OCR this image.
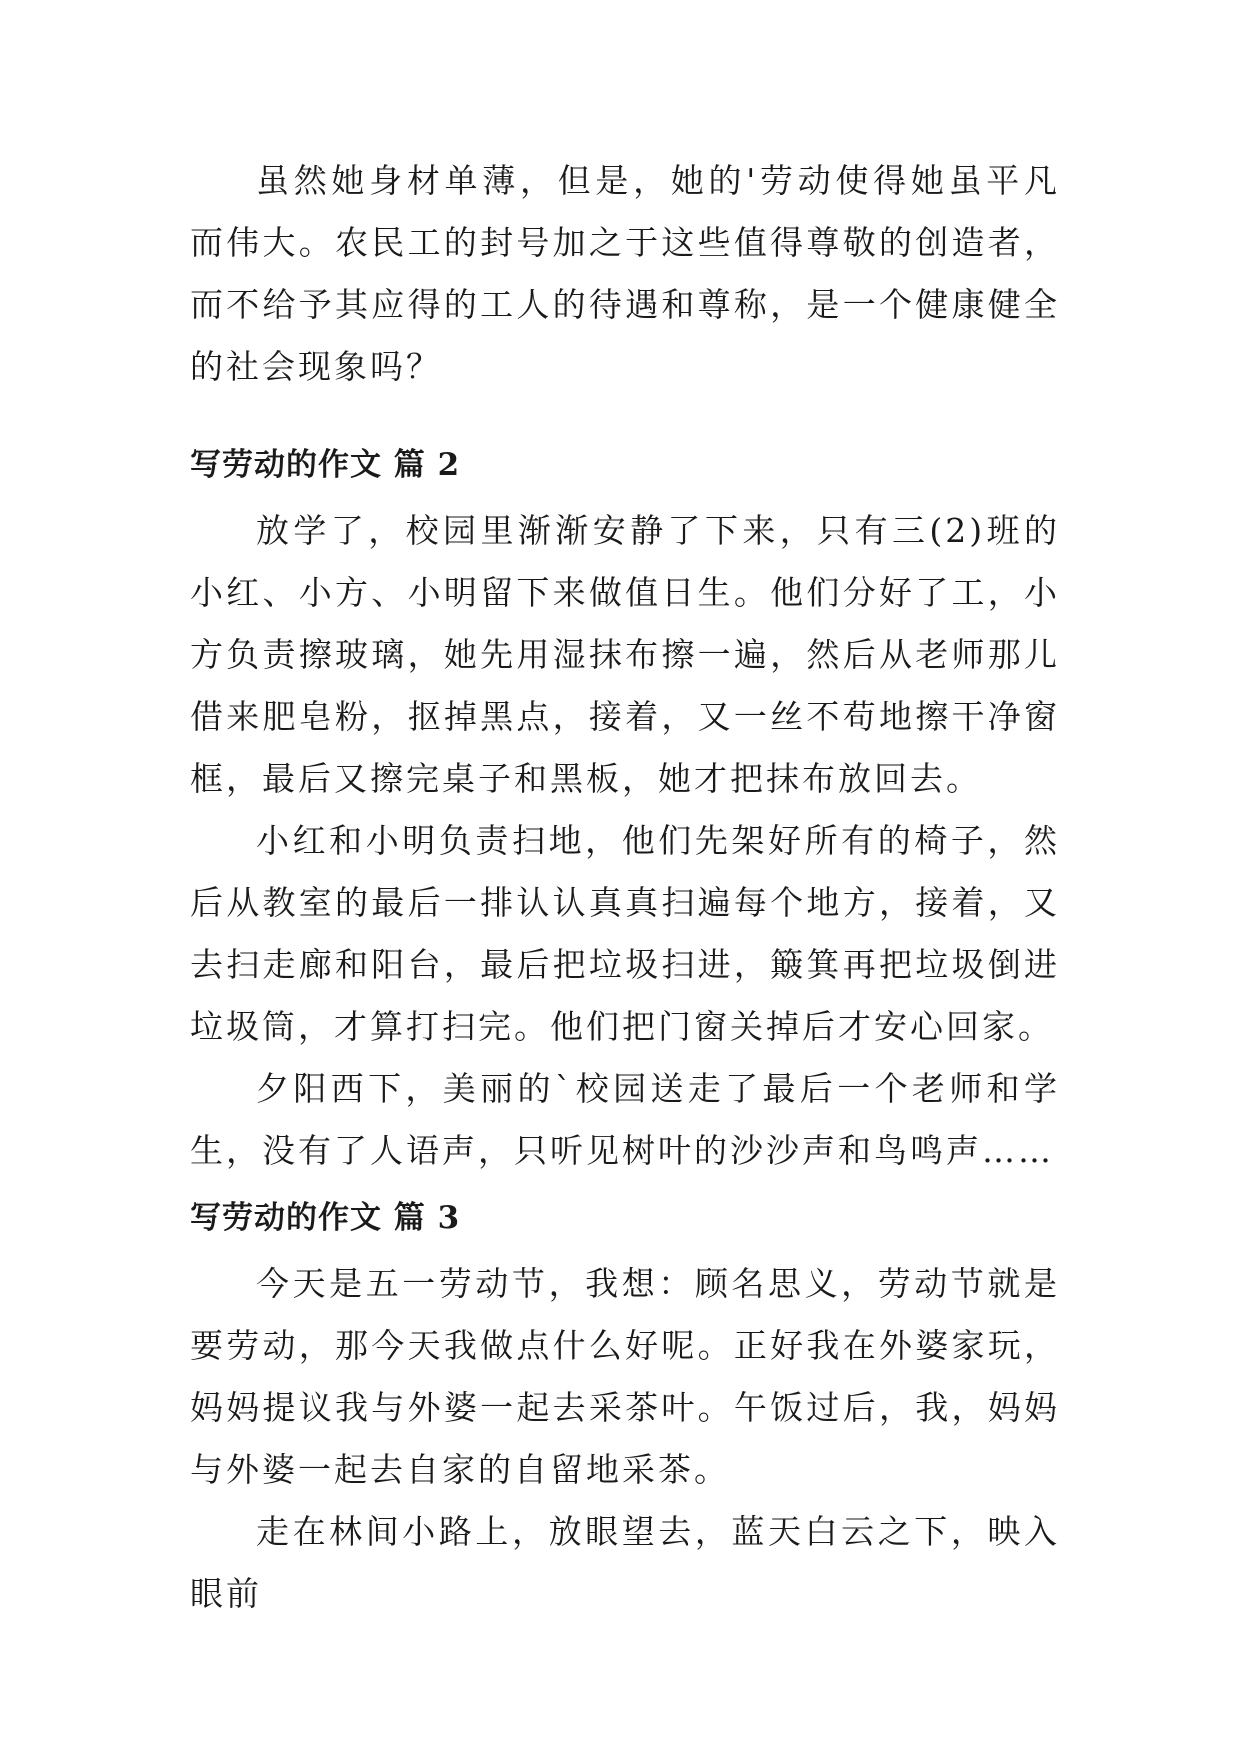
虽然她身材单薄，但是，她的'劳动使得她虽平凡而伟大。农民工的封号加之于这些值得尊敬的创造者，而不给予其应得的工人的待遇和尊称，是一个健康健全的社会现象吗？

写劳动的作文 篇 2

放学了，校园里渐渐安静了下来，只有三(2)班的小红、小方、小明留下来做值日生。他们分好了工，小方负责擦玻璃，她先用湿抹布擦一遍，然后从老师那儿借来肥皂粉，抠掉黑点，接着，又一丝不苟地擦干净窗框，最后又擦完桌子和黑板，她才把抹布放回去。

小红和小明负责扫地，他们先架好所有的椅子，然后从教室的最后一排认认真真扫遍每个地方，接着，又去扫走廊和阳台，最后把垃圾扫进，簸箕再把垃圾倒进垃圾筒，才算打扫完。他们把门窗关掉后才安心回家。

夕阳西下，美丽的`校园送走了最后一个老师和学生，没有了人语声，只听见树叶的沙沙声和鸟鸣声……

写劳动的作文 篇 3

今天是五一劳动节，我想：顾名思义，劳动节就是要劳动，那今天我做点什么好呢。正好我在外婆家玩，妈妈提议我与外婆一起去采茶叶。午饭过后，我，妈妈与外婆一起去自家的自留地采茶。

走在林间小路上，放眼望去，蓝天白云之下，映入眼前
